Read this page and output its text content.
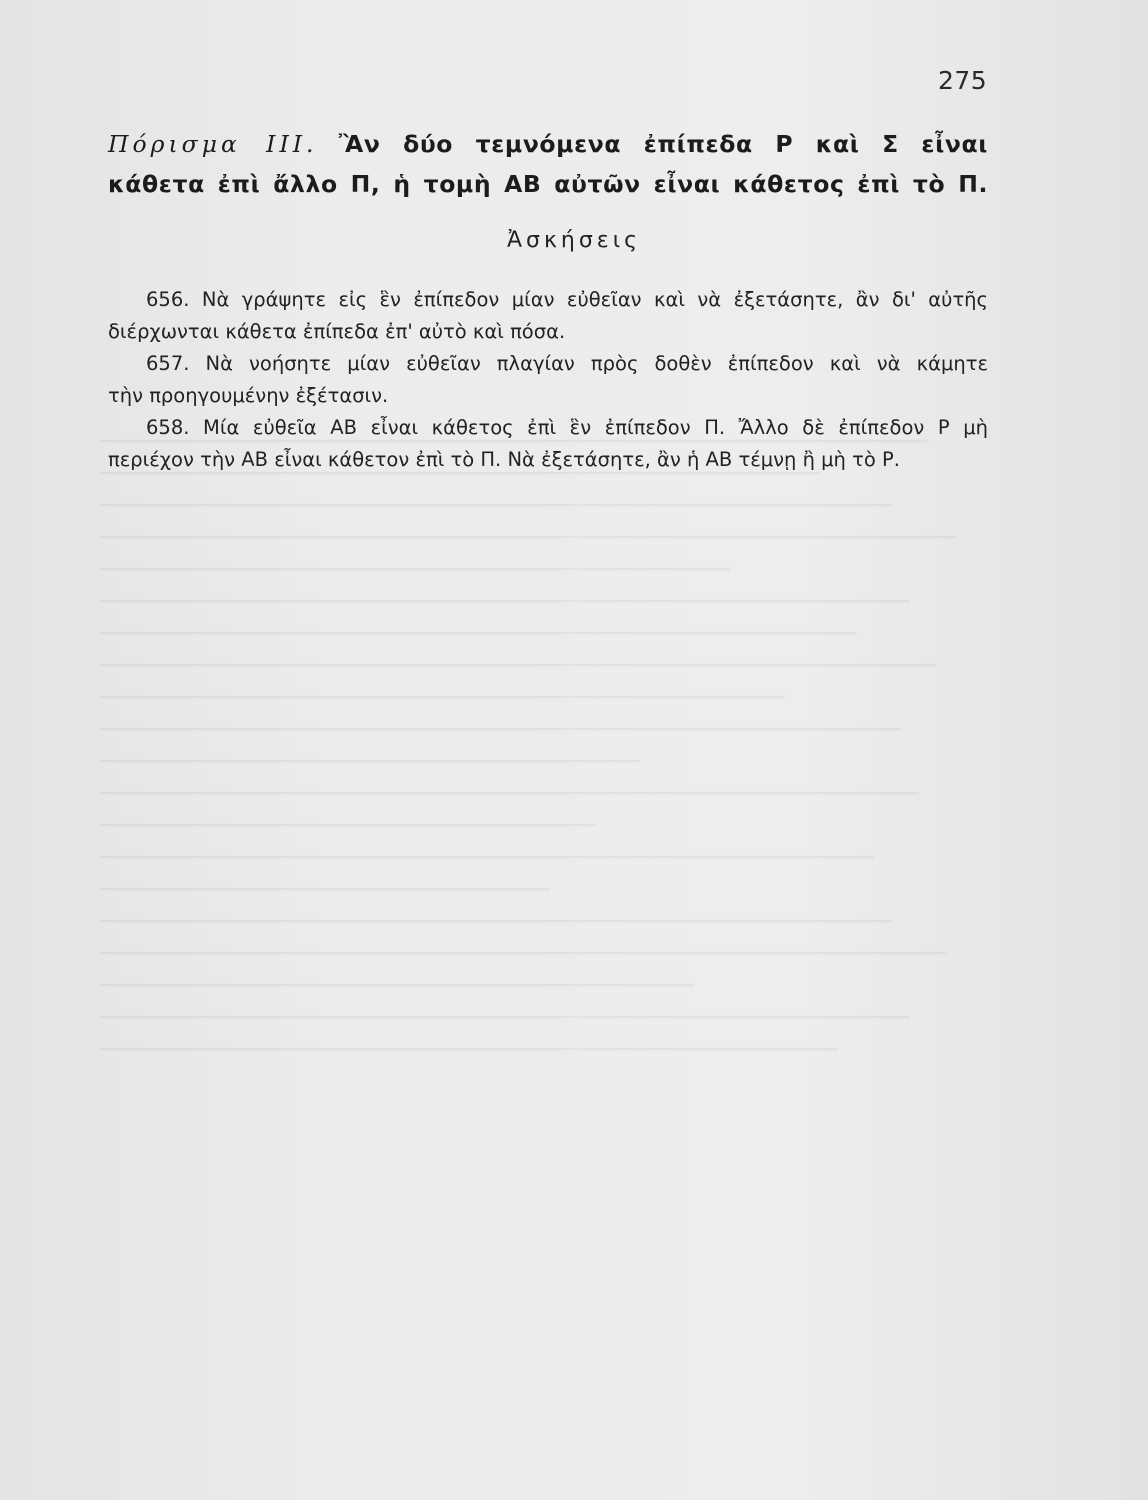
275
Πόρισμα III. Ἂν δύο τεμνόμενα ἐπίπεδα Ρ καὶ Σ εἶναι
κάθετα ἐπὶ ἄλλο Π, ἡ τομὴ ΑΒ αὐτῶν εἶναι κάθετος ἐπὶ τὸ Π.
Ἀσκήσεις

656. Νὰ γράψητε εἰς ἓν ἐπίπεδον μίαν εὐθεῖαν καὶ νὰ ἐξετάσητε, ἂν δι' αὐτῆς
διέρχωνται κάθετα ἐπίπεδα ἐπ' αὐτὸ καὶ πόσα.

657. Νὰ νοήσητε μίαν εὐθεῖαν πλαγίαν πρὸς δοθὲν ἐπίπεδον καὶ νὰ κάμητε
τὴν προηγουμένην ἐξέτασιν.

658. Μία εὐθεῖα ΑΒ εἶναι κάθετος ἐπὶ ἓν ἐπίπεδον Π. Ἄλλο δὲ ἐπίπεδον Ρ μὴ
περιέχον τὴν ΑΒ εἶναι κάθετον ἐπὶ τὸ Π. Νὰ ἐξετάσητε, ἂν ἡ ΑΒ τέμνῃ ἢ μὴ τὸ Ρ.
